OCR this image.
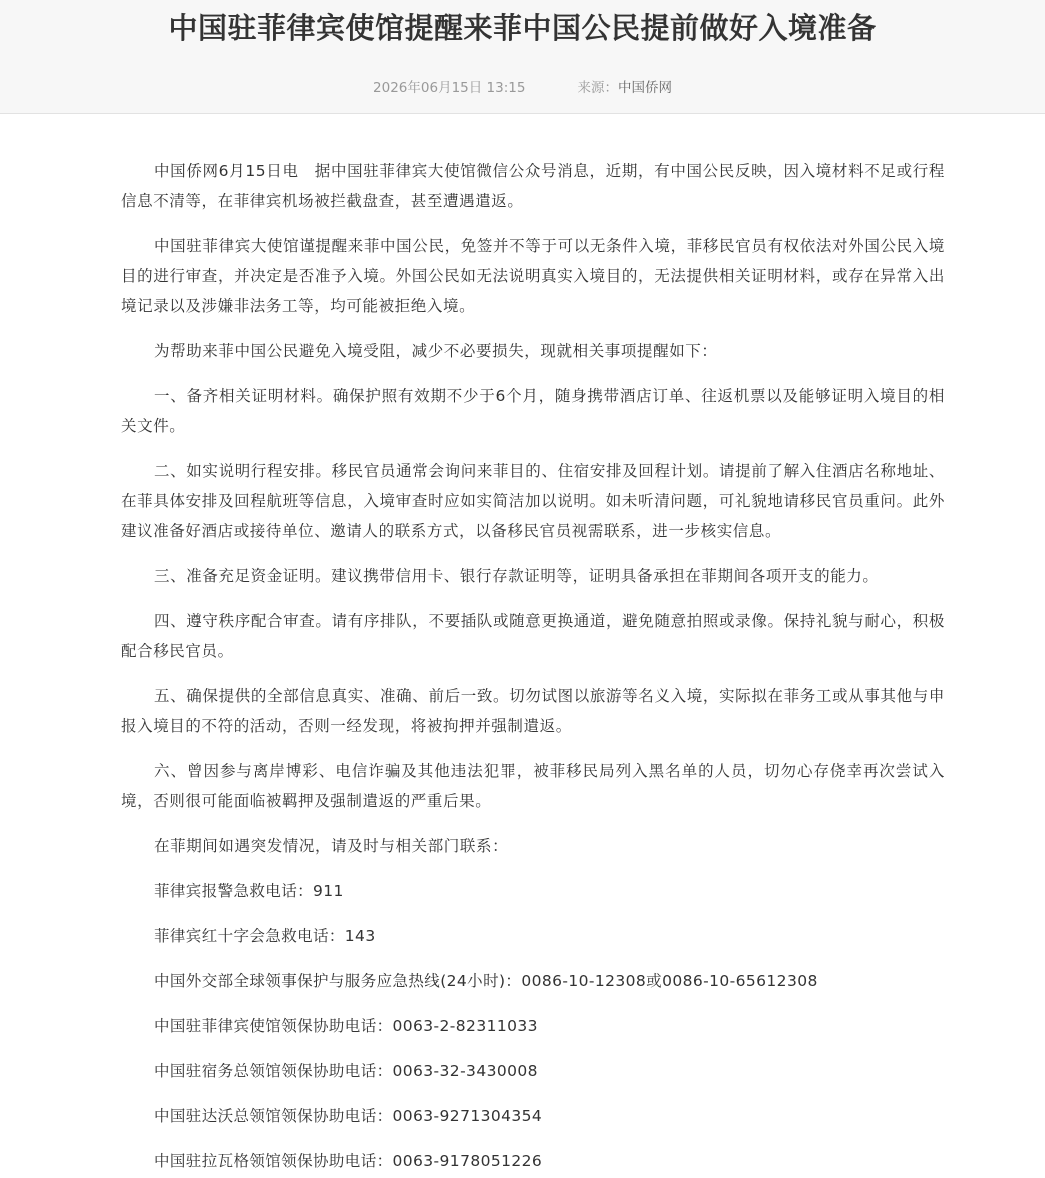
中国驻菲律宾使馆提醒来菲中国公民提前做好入境准备
2026年06月15日 13:15	来源：中国侨网

中国侨网6月15日电　据中国驻菲律宾大使馆微信公众号消息，近期，有中国公民反映，因入境材料不足或行程信息不清等，在菲律宾机场被拦截盘查，甚至遭遇遣返。

中国驻菲律宾大使馆谨提醒来菲中国公民，免签并不等于可以无条件入境，菲移民官员有权依法对外国公民入境目的进行审查，并决定是否准予入境。外国公民如无法说明真实入境目的，无法提供相关证明材料，或存在异常入出境记录以及涉嫌非法务工等，均可能被拒绝入境。

为帮助来菲中国公民避免入境受阻，减少不必要损失，现就相关事项提醒如下：

一、备齐相关证明材料。确保护照有效期不少于6个月，随身携带酒店订单、往返机票以及能够证明入境目的相关文件。

二、如实说明行程安排。移民官员通常会询问来菲目的、住宿安排及回程计划。请提前了解入住酒店名称地址、在菲具体安排及回程航班等信息，入境审查时应如实简洁加以说明。如未听清问题，可礼貌地请移民官员重问。此外建议准备好酒店或接待单位、邀请人的联系方式，以备移民官员视需联系，进一步核实信息。

三、准备充足资金证明。建议携带信用卡、银行存款证明等，证明具备承担在菲期间各项开支的能力。

四、遵守秩序配合审查。请有序排队，不要插队或随意更换通道，避免随意拍照或录像。保持礼貌与耐心，积极配合移民官员。

五、确保提供的全部信息真实、准确、前后一致。切勿试图以旅游等名义入境，实际拟在菲务工或从事其他与申报入境目的不符的活动，否则一经发现，将被拘押并强制遣返。

六、曾因参与离岸博彩、电信诈骗及其他违法犯罪，被菲移民局列入黑名单的人员，切勿心存侥幸再次尝试入境，否则很可能面临被羁押及强制遣返的严重后果。

在菲期间如遇突发情况，请及时与相关部门联系：

菲律宾报警急救电话：911

菲律宾红十字会急救电话：143

中国外交部全球领事保护与服务应急热线(24小时)：0086-10-12308或0086-10-65612308

中国驻菲律宾使馆领保协助电话：0063-2-82311033

中国驻宿务总领馆领保协助电话：0063-32-3430008

中国驻达沃总领馆领保协助电话：0063-9271304354

中国驻拉瓦格领馆领保协助电话：0063-9178051226
